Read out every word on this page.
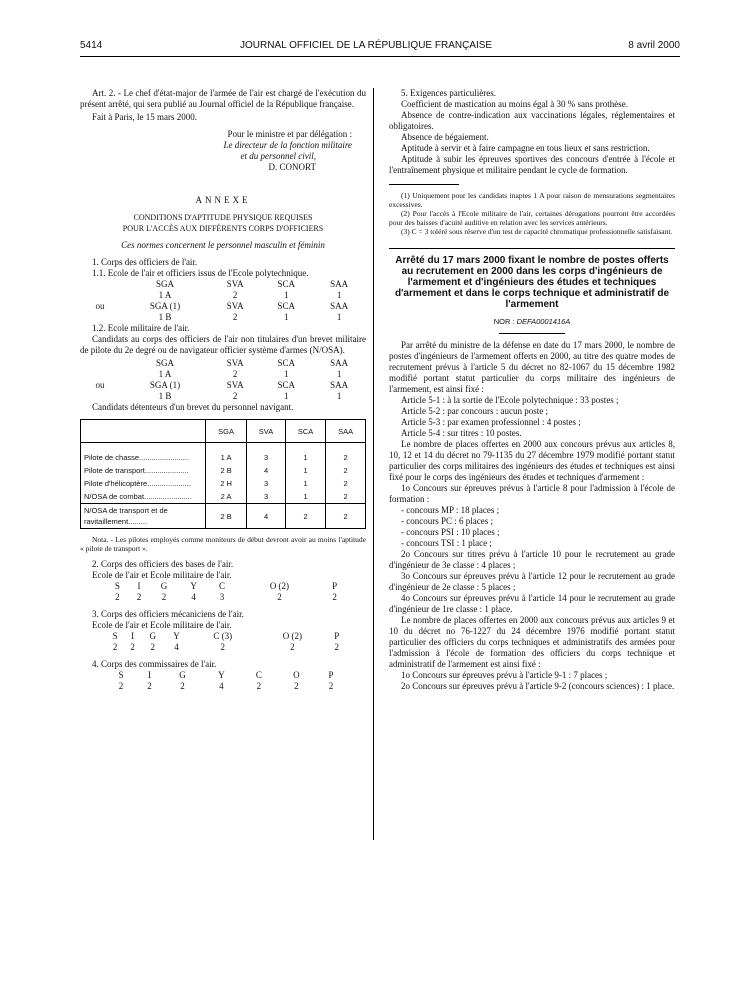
5414	JOURNAL OFFICIEL DE LA RÉPUBLIQUE FRANÇAISE	8 avril 2000

Art. 2. - Le chef d'état-major de l'armée de l'air est chargé de l'exécution du présent arrêté, qui sera publié au Journal officiel de la République française.

Fait à Paris, le 15 mars 2000.

Pour le ministre et par délégation :

Le directeur de la fonction militaire

et du personnel civil,

D. CONORT

ANNEXE

CONDITIONS D'APTITUDE PHYSIQUE REQUISES

POUR L'ACCÈS AUX DIFFÉRENTS CORPS D'OFFICIERS

Ces normes concernent le personnel masculin et féminin

1. Corps des officiers de l'air.

1.1. Ecole de l'air et officiers issus de l'Ecole polytechnique.

	SGA	SVA	SCA	SAA
	1 A	2	1	1
ou	SGA (1)	SVA	SCA	SAA
	1 B	2	1	1

1.2. Ecole militaire de l'air.

Candidats au corps des officiers de l'air non titulaires d'un brevet militaire de pilote du 2e degré ou de navigateur officier système d'armes (N/OSA).

	SGA	SVA	SCA	SAA
	1 A	2	1	1
ou	SGA (1)	SVA	SCA	SAA
	1 B	2	1	1

Candidats détenteurs d'un brevet du personnel navigant.

	SGA	SVA	SCA	SAA

Pilote de chasse........................	1 A	3	1	2
Pilote de transport.....................	2 B	4	1	2
Pilote d'hélicoptère.....................	2 H	3	1	2
N/OSA de combat.......................	2 A	3	1	2
N/OSA de transport et de ravitaillement.........	2 B	4	2	2

Nota. - Les pilotes employés comme moniteurs de début devront avoir au moins l'aptitude « pilote de transport ».

2. Corps des officiers des bases de l'air.

Ecole de l'air et Ecole militaire de l'air.

S	I	G	Y	C	O (2)	P
2	2	2	4	3	2	2

3. Corps des officiers mécaniciens de l'air.

Ecole de l'air et Ecole militaire de l'air.

S	I	G	Y	C (3)	O (2)	P
2	2	2	4	2	2	2

4. Corps des commissaires de l'air.

S	I	G	Y	C	O	P
2	2	2	4	2	2	2

5. Exigences particulières.

Coefficient de mastication au moins égal à 30 % sans prothèse.

Absence de contre-indication aux vaccinations légales, réglementaires et obligatoires.

Absence de bégaiement.

Aptitude à servir et à faire campagne en tous lieux et sans restriction.

Aptitude à subir les épreuves sportives des concours d'entrée à l'école et l'entraînement physique et militaire pendant le cycle de formation.

(1) Uniquement pour les candidats inaptes 1 A pour raison de mensurations segmentaires excessives.

(2) Pour l'accès à l'Ecole militaire de l'air, certaines dérogations pourront être accordées pour des baisses d'acuité auditive en relation avec les services antérieurs.

(3) C = 3 toléré sous réserve d'un test de capacité chromatique professionnelle satisfaisant.

Arrêté du 17 mars 2000 fixant le nombre de postes offerts au recrutement en 2000 dans les corps d'ingénieurs de l'armement et d'ingénieurs des études et techniques d'armement et dans le corps technique et administratif de l'armement

NOR : DEFA0001416A

Par arrêté du ministre de la défense en date du 17 mars 2000, le nombre de postes d'ingénieurs de l'armement offerts en 2000, au titre des quatre modes de recrutement prévus à l'article 5 du décret no 82-1067 du 15 décembre 1982 modifié portant statut particulier du corps militaire des ingénieurs de l'armement, est ainsi fixé :

Article 5-1 : à la sortie de l'Ecole polytechnique : 33 postes ;

Article 5-2 : par concours : aucun poste ;

Article 5-3 : par examen professionnel : 4 postes ;

Article 5-4 : sur titres : 10 postes.

Le nombre de places offertes en 2000 aux concours prévus aux articles 8, 10, 12 et 14 du décret no 79-1135 du 27 décembre 1979 modifié portant statut particulier des corps militaires des ingénieurs des études et techniques est ainsi fixé pour le corps des ingénieurs des études et techniques d'armement :

1o Concours sur épreuves prévus à l'article 8 pour l'admission à l'école de formation :

- concours MP : 18 places ;

- concours PC : 6 places ;

- concours PSI : 10 places ;

- concours TSI : 1 place ;

2o Concours sur titres prévu à l'article 10 pour le recrutement au grade d'ingénieur de 3e classe : 4 places ;

3o Concours sur épreuves prévu à l'article 12 pour le recrutement au grade d'ingénieur de 2e classe : 5 places ;

4o Concours sur épreuves prévu à l'article 14 pour le recrutement au grade d'ingénieur de 1re classe : 1 place.

Le nombre de places offertes en 2000 aux concours prévus aux articles 9 et 10 du décret no 76-1227 du 24 décembre 1976 modifié portant statut particulier des officiers du corps techniques et administratifs des armées pour l'admission à l'école de formation des officiers du corps technique et administratif de l'armement est ainsi fixé :

1o Concours sur épreuves prévu à l'article 9-1 : 7 places ;

2o Concours sur épreuves prévu à l'article 9-2 (concours sciences) : 1 place.
